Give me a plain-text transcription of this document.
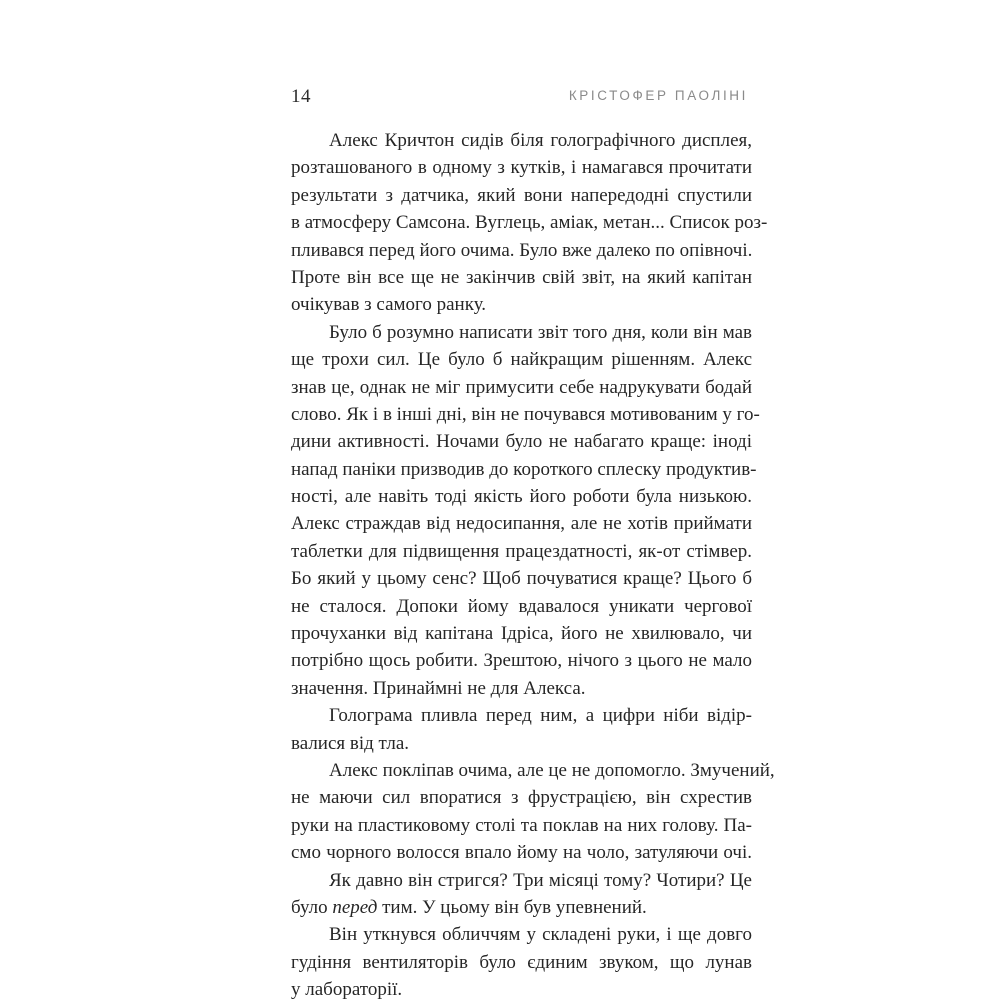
14	КРІСТОФЕР ПАОЛІНІ
Алекс Кричтон сидів біля голографічного дисплея,
розташованого в одному з кутків, і намагався прочитати
результати з датчика, який вони напередодні спустили
в атмосферу Самсона. Вуглець, аміак, метан... Список роз-
пливався перед його очима. Було вже далеко по опівночі.
Проте він все ще не закінчив свій звіт, на який капітан
очікував з самого ранку.
Було б розумно написати звіт того дня, коли він мав
ще трохи сил. Це було б найкращим рішенням. Алекс
знав це, однак не міг примусити себе надрукувати бодай
слово. Як і в інші дні, він не почувався мотивованим у го-
дини активності. Ночами було не набагато краще: іноді
напад паніки призводив до короткого сплеску продуктив-
ності, але навіть тоді якість його роботи була низькою.
Алекс страждав від недосипання, але не хотів приймати
таблетки для підвищення працездатності, як-от стімвер.
Бо який у цьому сенс? Щоб почуватися краще? Цього б
не сталося. Допоки йому вдавалося уникати чергової
прочуханки від капітана Ідріса, його не хвилювало, чи
потрібно щось робити. Зрештою, нічого з цього не мало
значення. Принаймні не для Алекса.
Голограма пливла перед ним, а цифри ніби відір-
валися від тла.
Алекс покліпав очима, але це не допомогло. Змучений,
не маючи сил впоратися з фрустрацією, він схрестив
руки на пластиковому столі та поклав на них голову. Па-
смо чорного волосся впало йому на чоло, затуляючи очі.
Як давно він стригся? Три місяці тому? Чотири? Це
було перед тим. У цьому він був упевнений.
Він уткнувся обличчям у складені руки, і ще довго
гудіння вентиляторів було єдиним звуком, що лунав
у лабораторії.
